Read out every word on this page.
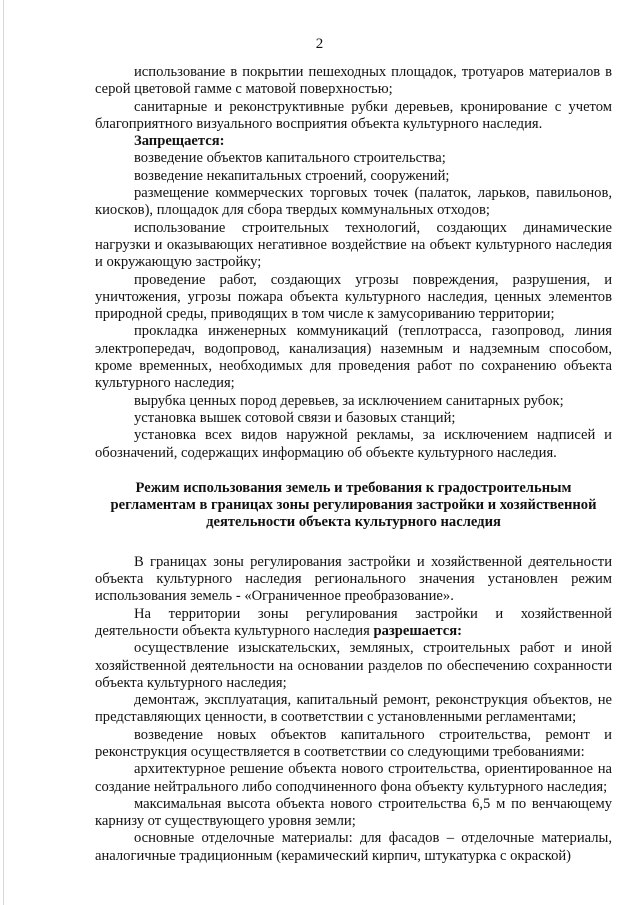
2

использование в покрытии пешеходных площадок, тротуаров материалов в серой цветовой гамме с матовой поверхностью;

санитарные и реконструктивные рубки деревьев, кронирование с учетом благоприятного визуального восприятия объекта культурного наследия.

Запрещается:

возведение объектов капитального строительства;

возведение некапитальных строений, сооружений;

размещение коммерческих торговых точек (палаток, ларьков, павильонов, киосков), площадок для сбора твердых коммунальных отходов;

использование строительных технологий, создающих динамические нагрузки и оказывающих негативное воздействие на объект культурного наследия и окружающую застройку;

проведение работ, создающих угрозы повреждения, разрушения, и уничтожения, угрозы пожара объекта культурного наследия, ценных элементов природной среды, приводящих в том числе к замусориванию территории;

прокладка инженерных коммуникаций (теплотрасса, газопровод, линия электропередач, водопровод, канализация) наземным и надземным способом, кроме временных, необходимых для проведения работ по сохранению объекта культурного наследия;

вырубка ценных пород деревьев, за исключением санитарных рубок;

установка вышек сотовой связи и базовых станций;

установка всех видов наружной рекламы, за исключением надписей и обозначений, содержащих информацию об объекте культурного наследия.

Режим использования земель и требования к градостроительным регламентам в границах зоны регулирования застройки и хозяйственной деятельности объекта культурного наследия

В границах зоны регулирования застройки и хозяйственной деятельности объекта культурного наследия регионального значения установлен режим использования земель - «Ограниченное преобразование».

На территории зоны регулирования застройки и хозяйственной деятельности объекта культурного наследия разрешается:

осуществление изыскательских, земляных, строительных работ и иной хозяйственной деятельности на основании разделов по обеспечению сохранности объекта культурного наследия;

демонтаж, эксплуатация, капитальный ремонт, реконструкция объектов, не представляющих ценности, в соответствии с установленными регламентами;

возведение новых объектов капитального строительства, ремонт и реконструкция осуществляется в соответствии со следующими требованиями:

архитектурное решение объекта нового строительства, ориентированное на создание нейтрального либо соподчиненного фона объекту культурного наследия;

максимальная высота объекта нового строительства 6,5 м по венчающему карнизу от существующего уровня земли;

основные отделочные материалы: для фасадов – отделочные материалы, аналогичные традиционным (керамический кирпич, штукатурка с окраской)
